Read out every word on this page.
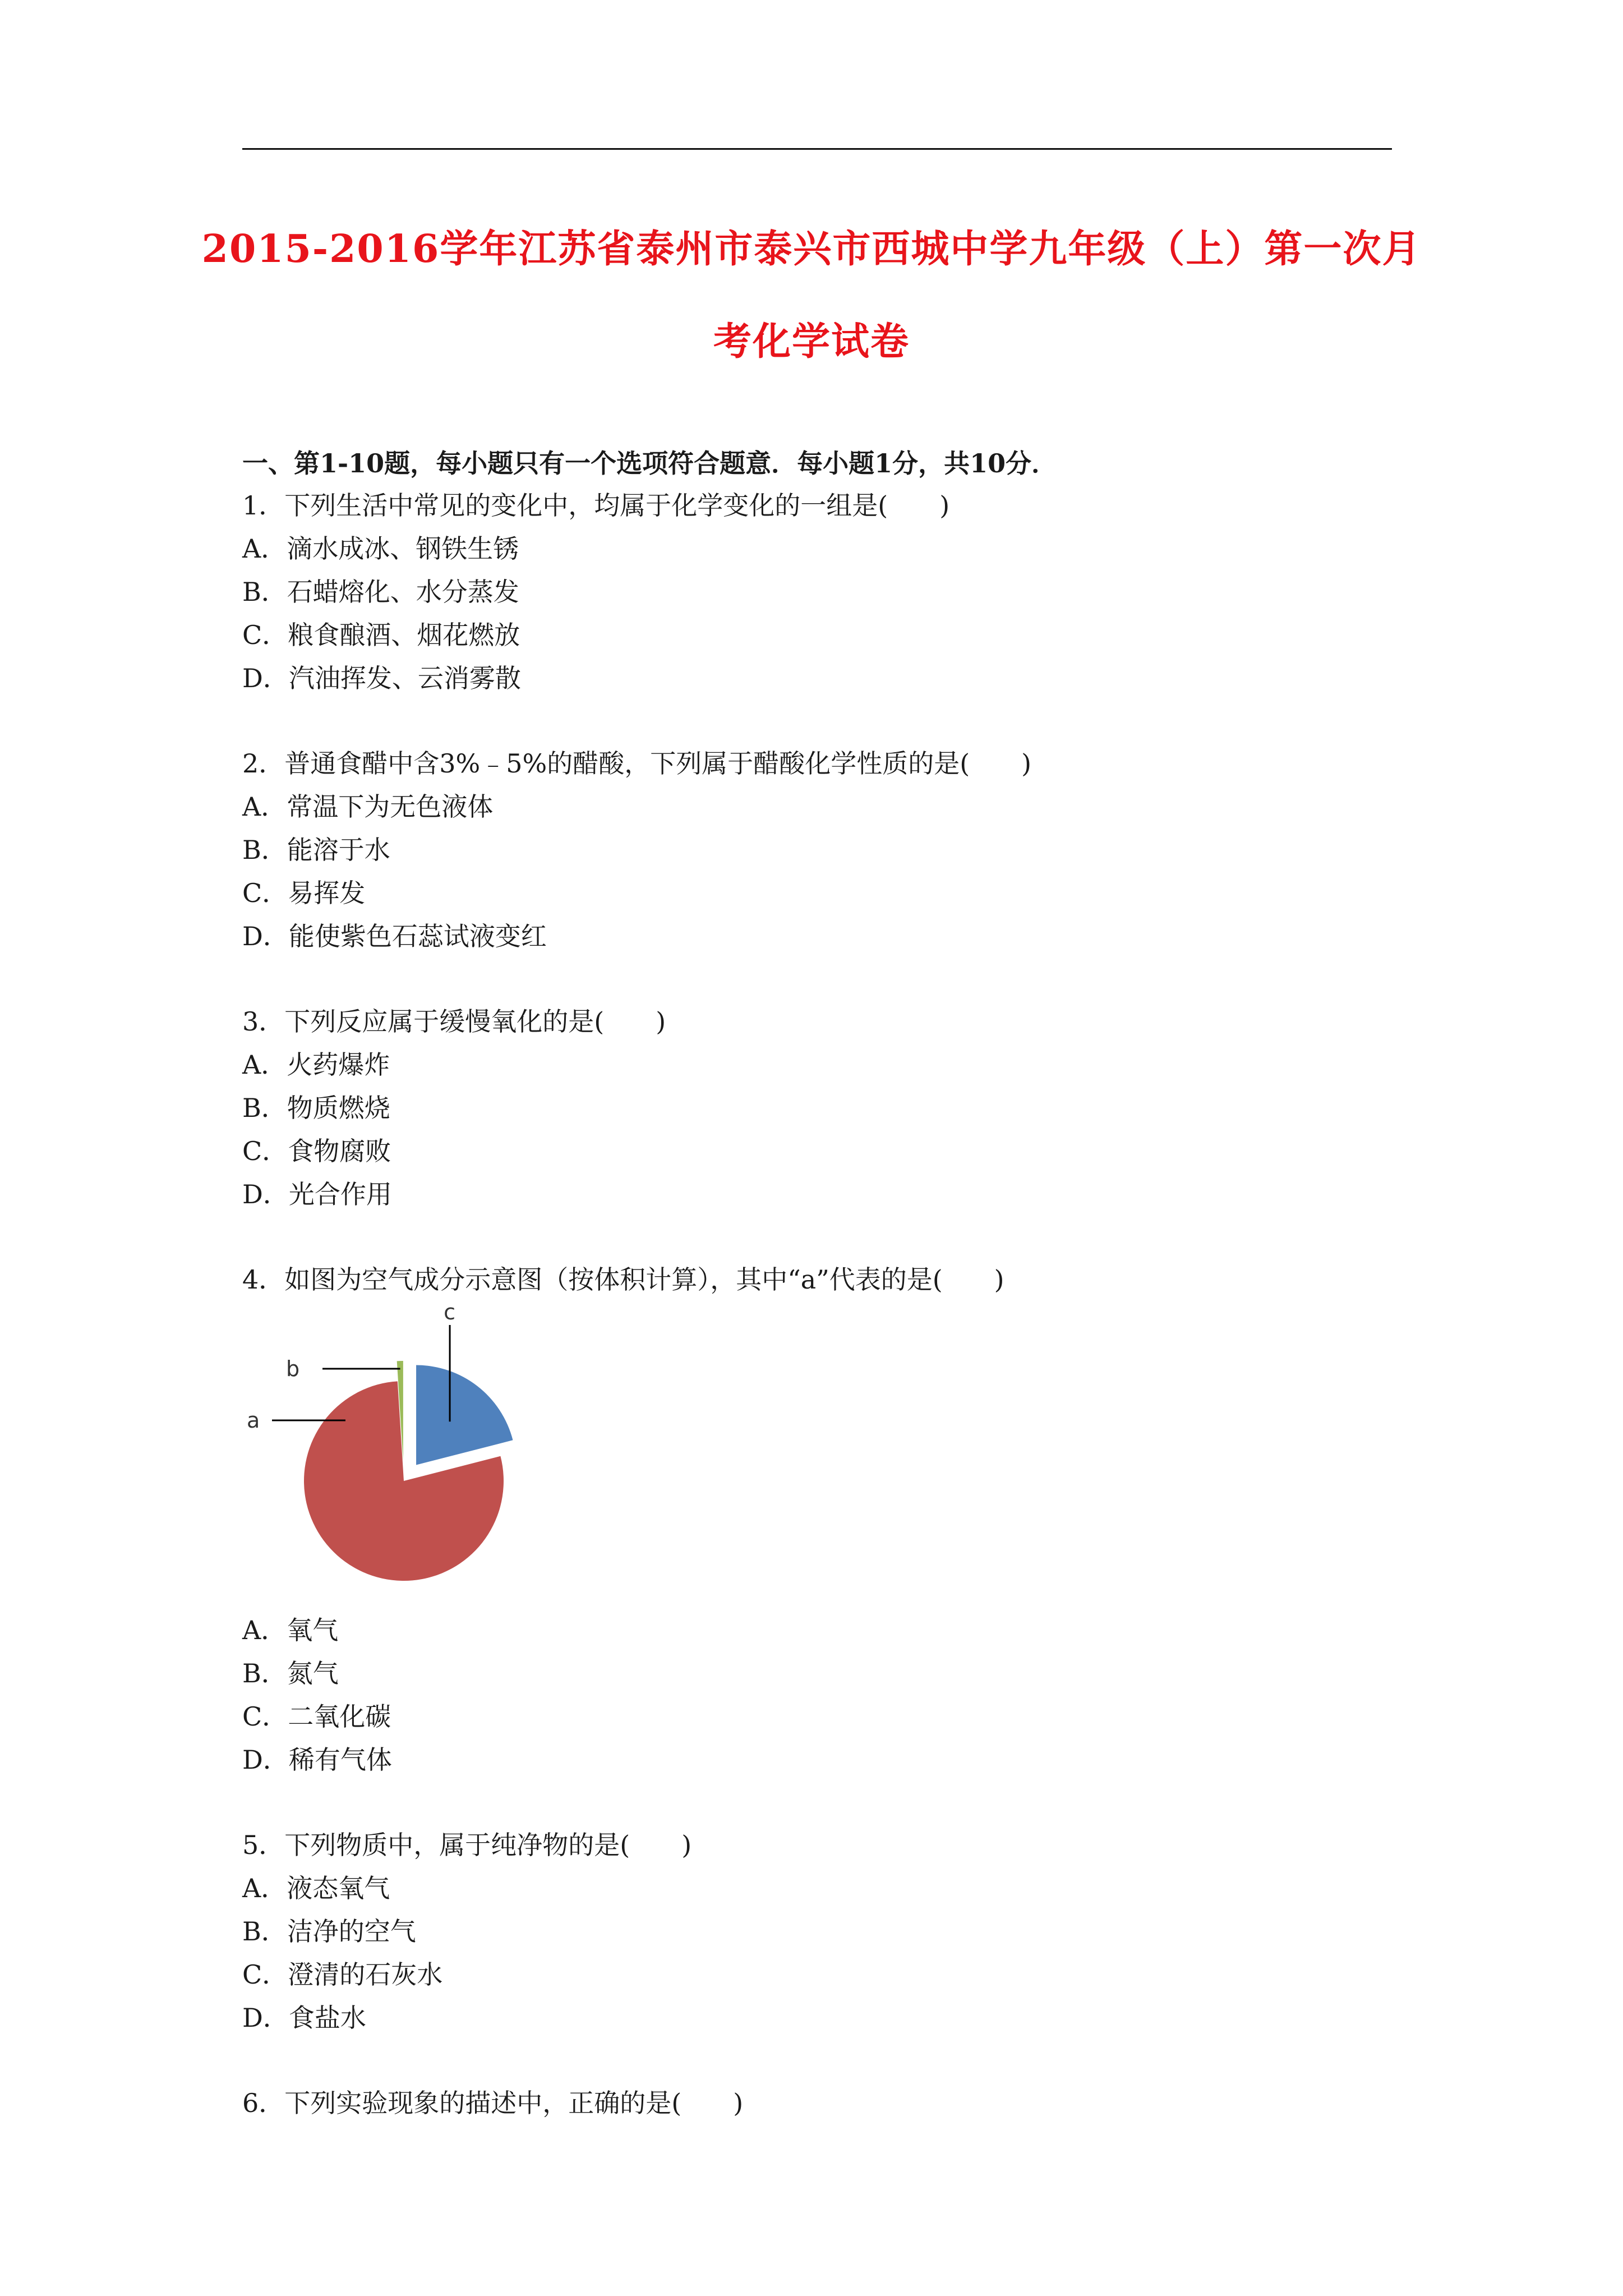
2015-2016学年江苏省泰州市泰兴市西城中学九年级（上）第一次月
考化学试卷
一、第1-10题，每小题只有一个选项符合题意．每小题1分，共10分．
1．下列生活中常见的变化中，均属于化学变化的一组是(　　)
A．滴水成冰、钢铁生锈
B．石蜡熔化、水分蒸发
C．粮食酿酒、烟花燃放
D．汽油挥发、云消雾散
2．普通食醋中含3%﹣5%的醋酸，下列属于醋酸化学性质的是(　　)
A．常温下为无色液体
B．能溶于水
C．易挥发
D．能使紫色石蕊试液变红
3．下列反应属于缓慢氧化的是(　　)
A．火药爆炸
B．物质燃烧
C．食物腐败
D．光合作用
4．如图为空气成分示意图（按体积计算），其中“a”代表的是(　　)
c
b
a
A．氧气
B．氮气
C．二氧化碳
D．稀有气体
5．下列物质中，属于纯净物的是(　　)
A．液态氧气
B．洁净的空气
C．澄清的石灰水
D．食盐水
6．下列实验现象的描述中，正确的是(　　)
